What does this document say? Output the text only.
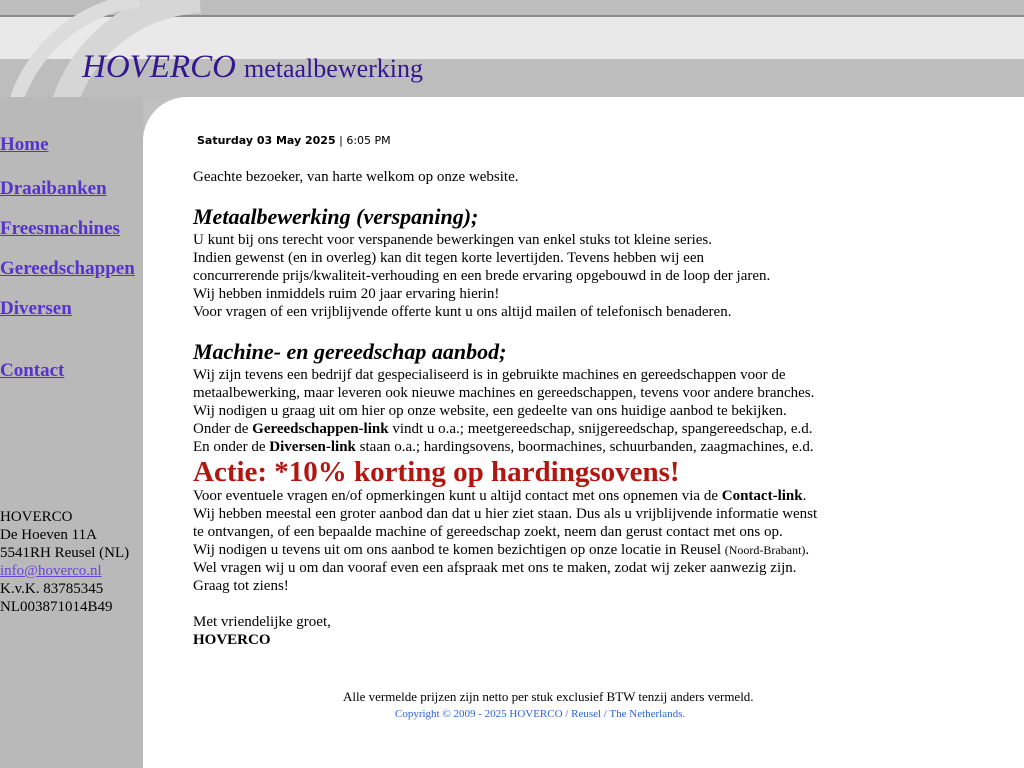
HOVERCO metaalbewerking
Home
Draaibanken
Freesmachines
Gereedschappen
Diversen
Contact
HOVERCO
De Hoeven 11A
5541RH Reusel (NL)
info@hoverco.nl
K.v.K. 83785345
NL003871014B49
Saturday 03 May 2025 | 6:05 PM
Geachte bezoeker, van harte welkom op onze website.
Metaalbewerking (verspaning);
U kunt bij ons terecht voor verspanende bewerkingen van enkel stuks tot kleine series.
Indien gewenst (en in overleg) kan dit tegen korte levertijden. Tevens hebben wij een
concurrerende prijs/kwaliteit-verhouding en een brede ervaring opgebouwd in de loop der jaren.
Wij hebben inmiddels ruim 20 jaar ervaring hierin!
Voor vragen of een vrijblijvende offerte kunt u ons altijd mailen of telefonisch benaderen.
Machine- en gereedschap aanbod;
Wij zijn tevens een bedrijf dat gespecialiseerd is in gebruikte machines en gereedschappen voor de
metaalbewerking, maar leveren ook nieuwe machines en gereedschappen, tevens voor andere branches.
Wij nodigen u graag uit om hier op onze website, een gedeelte van ons huidige aanbod te bekijken.
Onder de Gereedschappen-link vindt u o.a.; meetgereedschap, snijgereedschap, spangereedschap, e.d.
En onder de Diversen-link staan o.a.; hardingsovens, boormachines, schuurbanden, zaagmachines, e.d.
Actie: *10% korting op hardingsovens!
Voor eventuele vragen en/of opmerkingen kunt u altijd contact met ons opnemen via de Contact-link.
Wij hebben meestal een groter aanbod dan dat u hier ziet staan. Dus als u vrijblijvende informatie wenst
te ontvangen, of een bepaalde machine of gereedschap zoekt, neem dan gerust contact met ons op.
Wij nodigen u tevens uit om ons aanbod te komen bezichtigen op onze locatie in Reusel (Noord-Brabant).
Wel vragen wij u om dan vooraf even een afspraak met ons te maken, zodat wij zeker aanwezig zijn.
Graag tot ziens!
Met vriendelijke groet,
HOVERCO
Alle vermelde prijzen zijn netto per stuk exclusief BTW tenzij anders vermeld.
Copyright © 2009 - 2025 HOVERCO / Reusel / The Netherlands.
